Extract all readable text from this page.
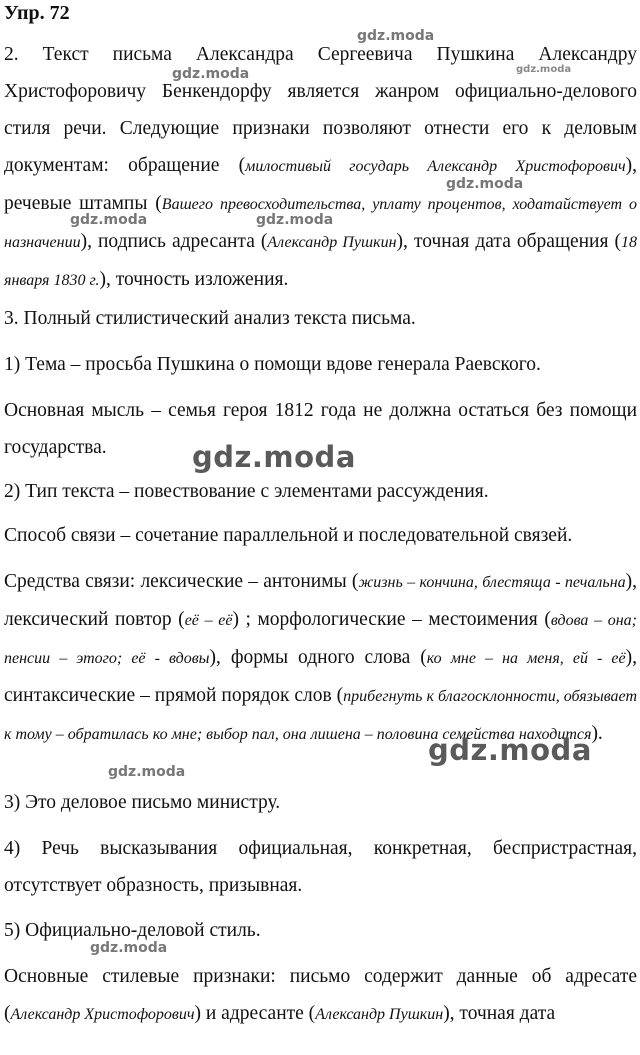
Упр. 72

2. Текст письма Александра Сергеевича Пушкина Александру Христофоровичу Бенкендорфу является жанром официально-делового стиля речи. Следующие признаки позволяют отнести его к деловым документам: обращение (милостивый государь Александр Христофорович), речевые штампы (Вашего превосходительства, уплату процентов, ходатайствует о назначении), подпись адресанта (Александр Пушкин), точная дата обращения (18 января 1830 г.), точность изложения.

3. Полный стилистический анализ текста письма.

1) Тема – просьба Пушкина о помощи вдове генерала Раевского.

Основная мысль – семья героя 1812 года не должна остаться без помощи государства.

2) Тип текста – повествование с элементами рассуждения.

Способ связи – сочетание параллельной и последовательной связей.

Средства связи: лексические – антонимы (жизнь – кончина, блестяща - печальна), лексический повтор (её – её) ; морфологические – местоимения (вдова – она; пенсии – этого; её - вдовы), формы одного слова (ко мне – на меня, ей - её), синтаксические – прямой порядок слов (прибегнуть к благосклонности, обязывает к тому – обратилась ко мне; выбор пал, она лишена – половина семейства находится).

3) Это деловое письмо министру.

4) Речь высказывания официальная, конкретная, беспристрастная, отсутствует образность, призывная.

5) Официально-деловой стиль.

Основные стилевые признаки: письмо содержит данные об адресате (Александр Христофорович) и адресанте (Александр Пушкин), точная дата

gdz.moda
gdz.moda
gdz.moda
gdz.moda
gdz.moda	gdz.moda
gdz.moda
gdz.moda
gdz.moda
gdz.moda
